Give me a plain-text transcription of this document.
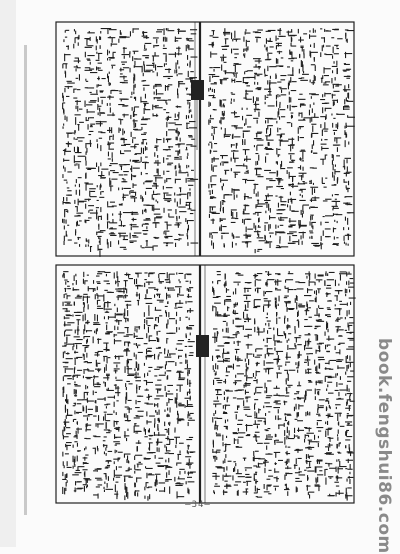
—34—	book.fengshui86.com
